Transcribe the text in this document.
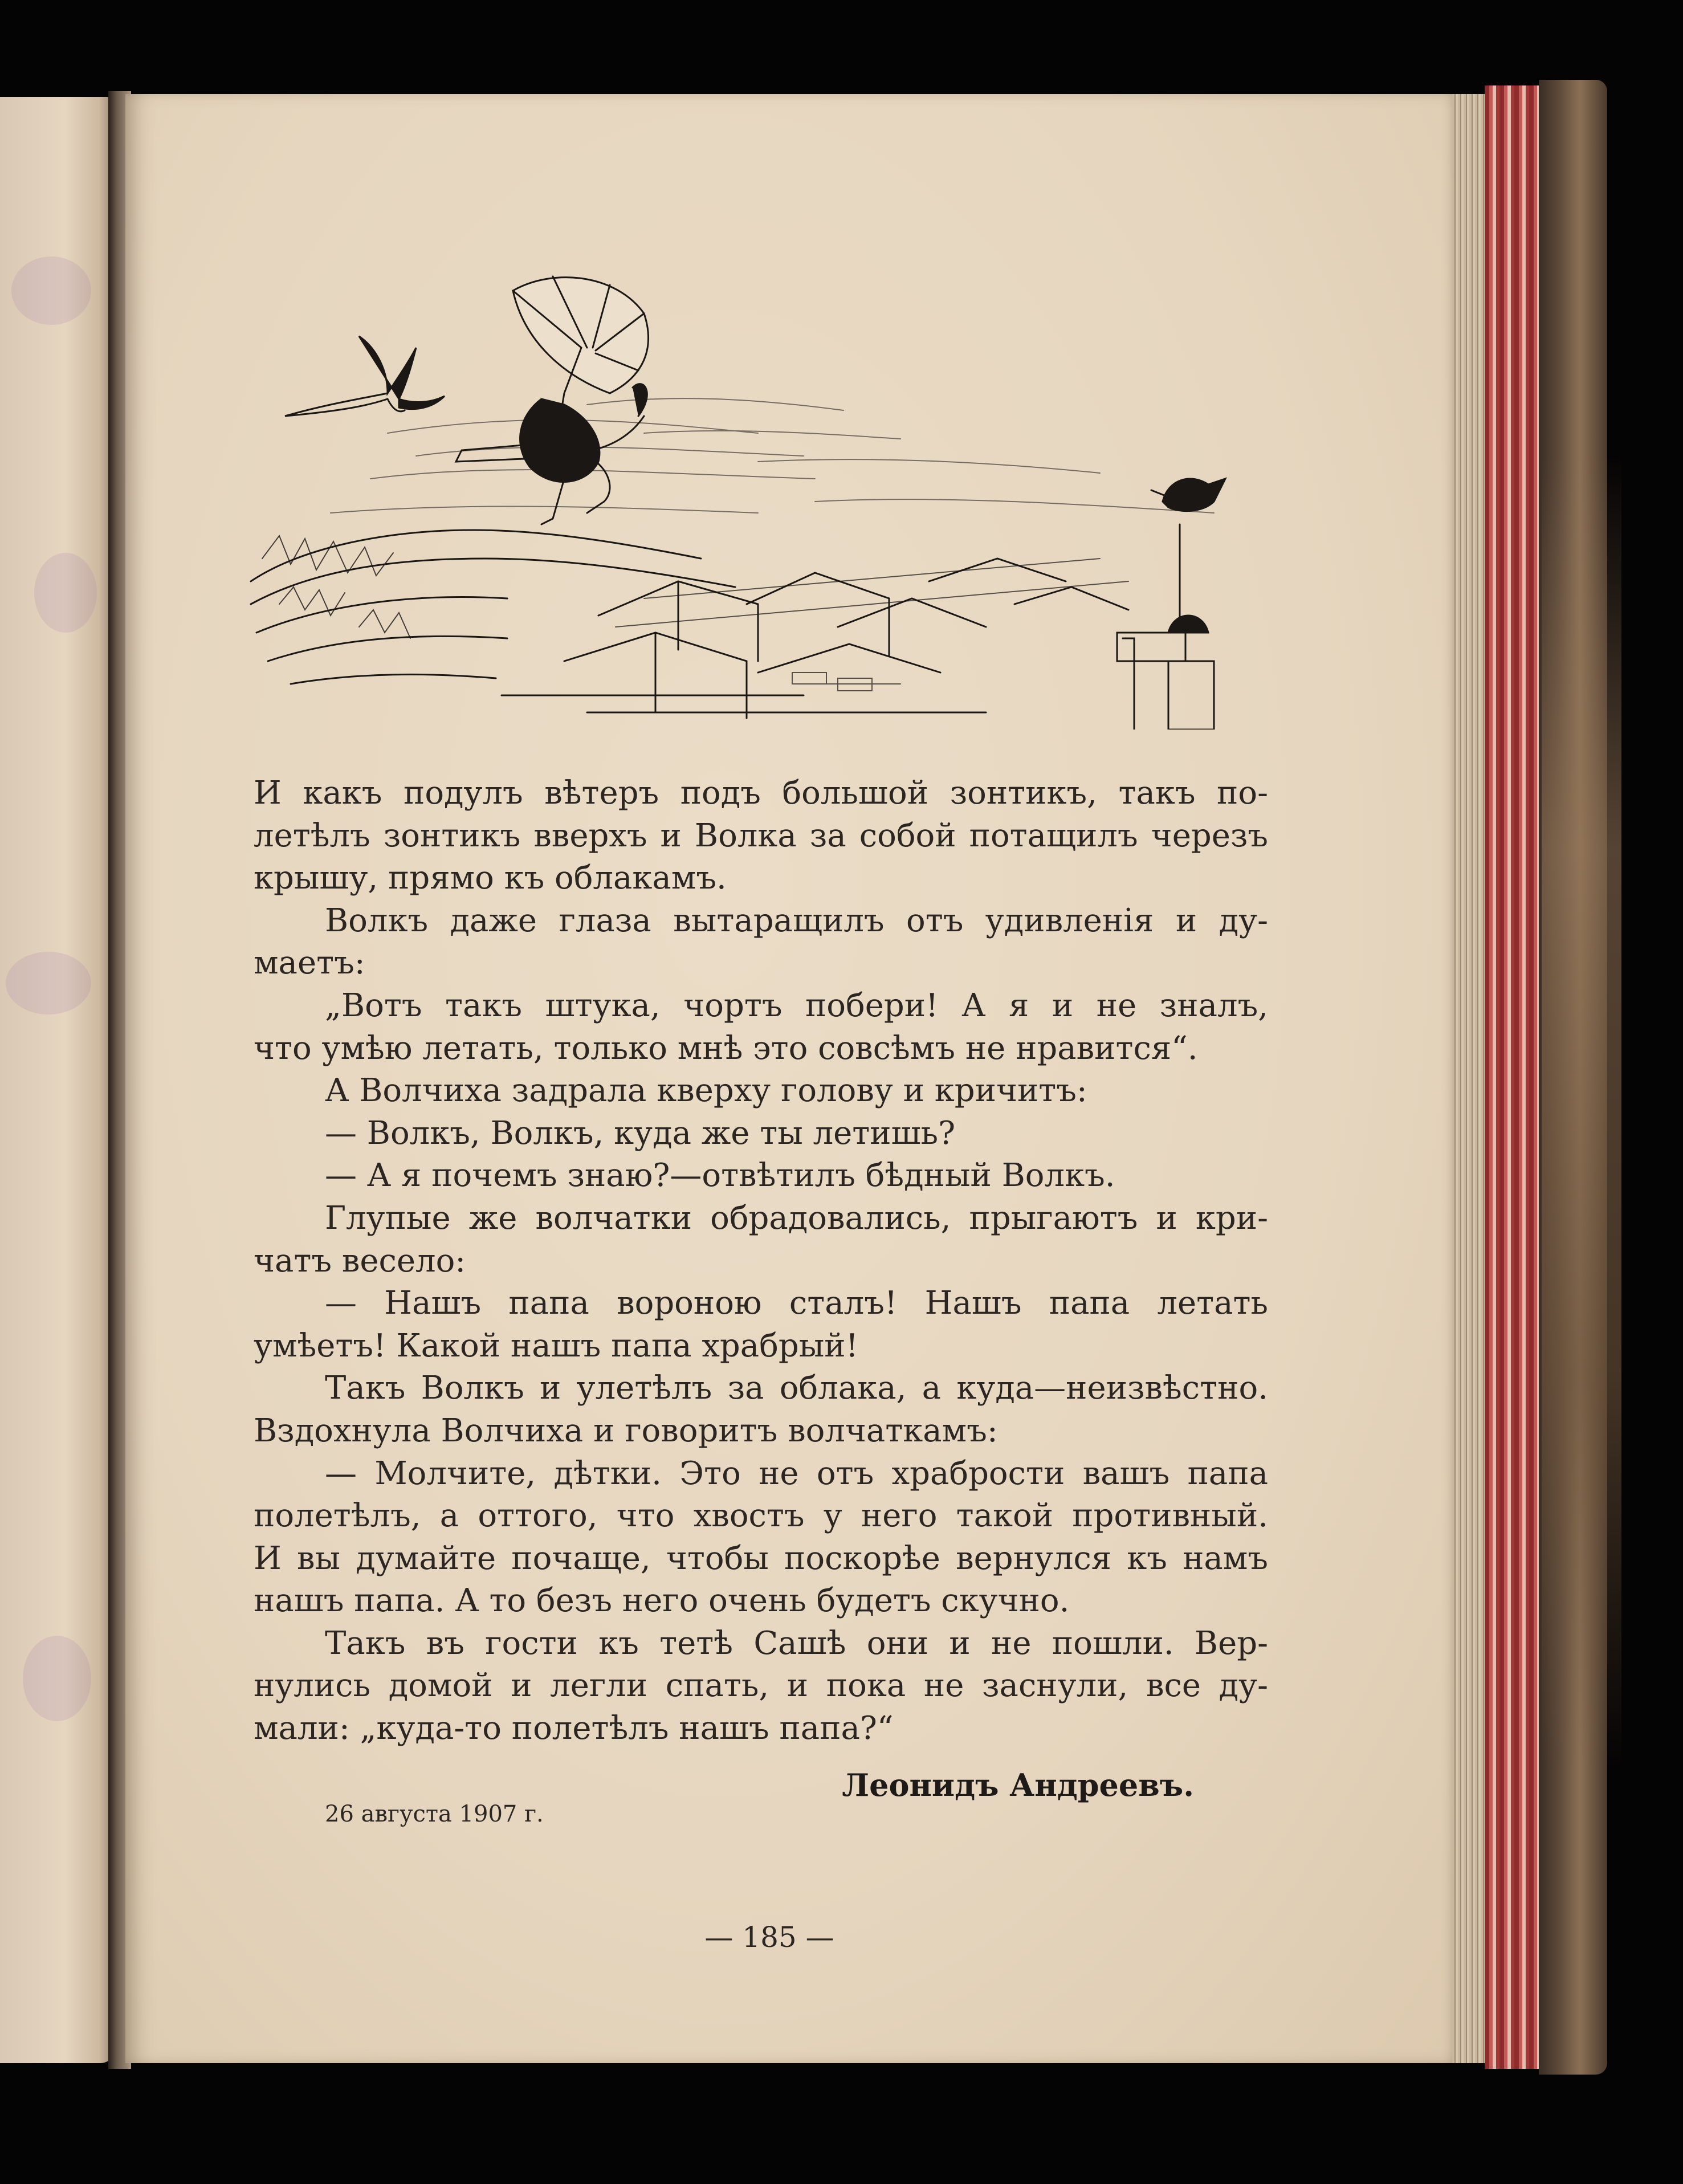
И какъ подулъ вѣтеръ подъ большой зонтикъ, такъ по-
летѣлъ зонтикъ вверхъ и Волка за собой потащилъ черезъ
крышу, прямо къ облакамъ.
Волкъ даже глаза вытаращилъ отъ удивленія и ду-
маетъ:
„Вотъ такъ штука, чортъ побери! А я и не зналъ,
что умѣю летать, только мнѣ это совсѣмъ не нравится“.
А Волчиха задрала кверху голову и кричитъ:
— Волкъ, Волкъ, куда же ты летишь?
— А я почемъ знаю?—отвѣтилъ бѣдный Волкъ.
Глупые же волчатки обрадовались, прыгаютъ и кри-
чатъ весело:
— Нашъ папа вороною сталъ! Нашъ папа летать
умѣетъ! Какой нашъ папа храбрый!
Такъ Волкъ и улетѣлъ за облака, а куда—неизвѣстно.
Вздохнула Волчиха и говоритъ волчаткамъ:
— Молчите, дѣтки. Это не отъ храбрости вашъ папа
полетѣлъ, а оттого, что хвостъ у него такой противный.
И вы думайте почаще, чтобы поскорѣе вернулся къ намъ
нашъ папа. А то безъ него очень будетъ скучно.
Такъ въ гости къ тетѣ Сашѣ они и не пошли. Вер-
нулись домой и легли спать, и пока не заснули, все ду-
мали: „куда-то полетѣлъ нашъ папа?“
Леонидъ Андреевъ.
26 августа 1907 г.
— 185 —
